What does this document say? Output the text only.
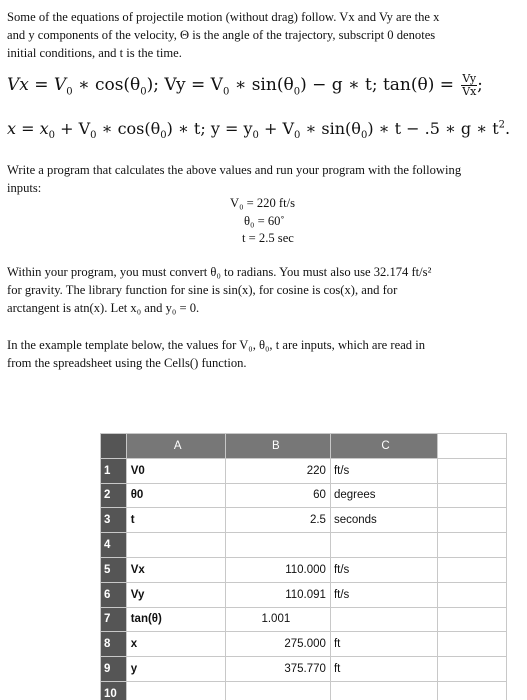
Some of the equations of projectile motion (without drag) follow. Vx and Vy are the x
and y components of the velocity, Θ is the angle of the trajectory, subscript 0 denotes
initial conditions, and t is the time.
$Vx = V_0$ ∗ $\cos(\theta_0)$; $Vy = V_0$ ∗ $\sin(\theta_0) - g$ ∗ t; $\tan(\theta) = \frac{Vy}{Vx}$ ;
$x = x_0 + V_0$ ∗ $\cos(\theta_0)$ ∗ t; $y = y_0 + V_0$ ∗ $\sin(\theta_0)$ ∗ t − .5 ∗ g ∗ $t^2$.
Write a program that calculates the above values and run your program with the following
inputs:
V₀ = 220 ft/s
θ₀ = 60˚
t = 2.5 sec
Within your program, you must convert θ₀ to radians. You must also use 32.174 ft/s²
for gravity. The library function for sine is sin(x), for cosine is cos(x), and for
arctangent is atn(x). Let x₀ and y₀ = 0.
In the example template below, the values for V₀, θ₀, t are inputs, which are read in
from the spreadsheet using the Cells() function.
	A	B	C	
1	V0	220	ft/s	
2	θ0	60	degrees	
3	t	2.5	seconds	
4				
5	Vx	110.000	ft/s	
6	Vy	110.091	ft/s	
7	tan(θ)	1.001		
8	x	275.000	ft	
9	y	375.770	ft	
10				
